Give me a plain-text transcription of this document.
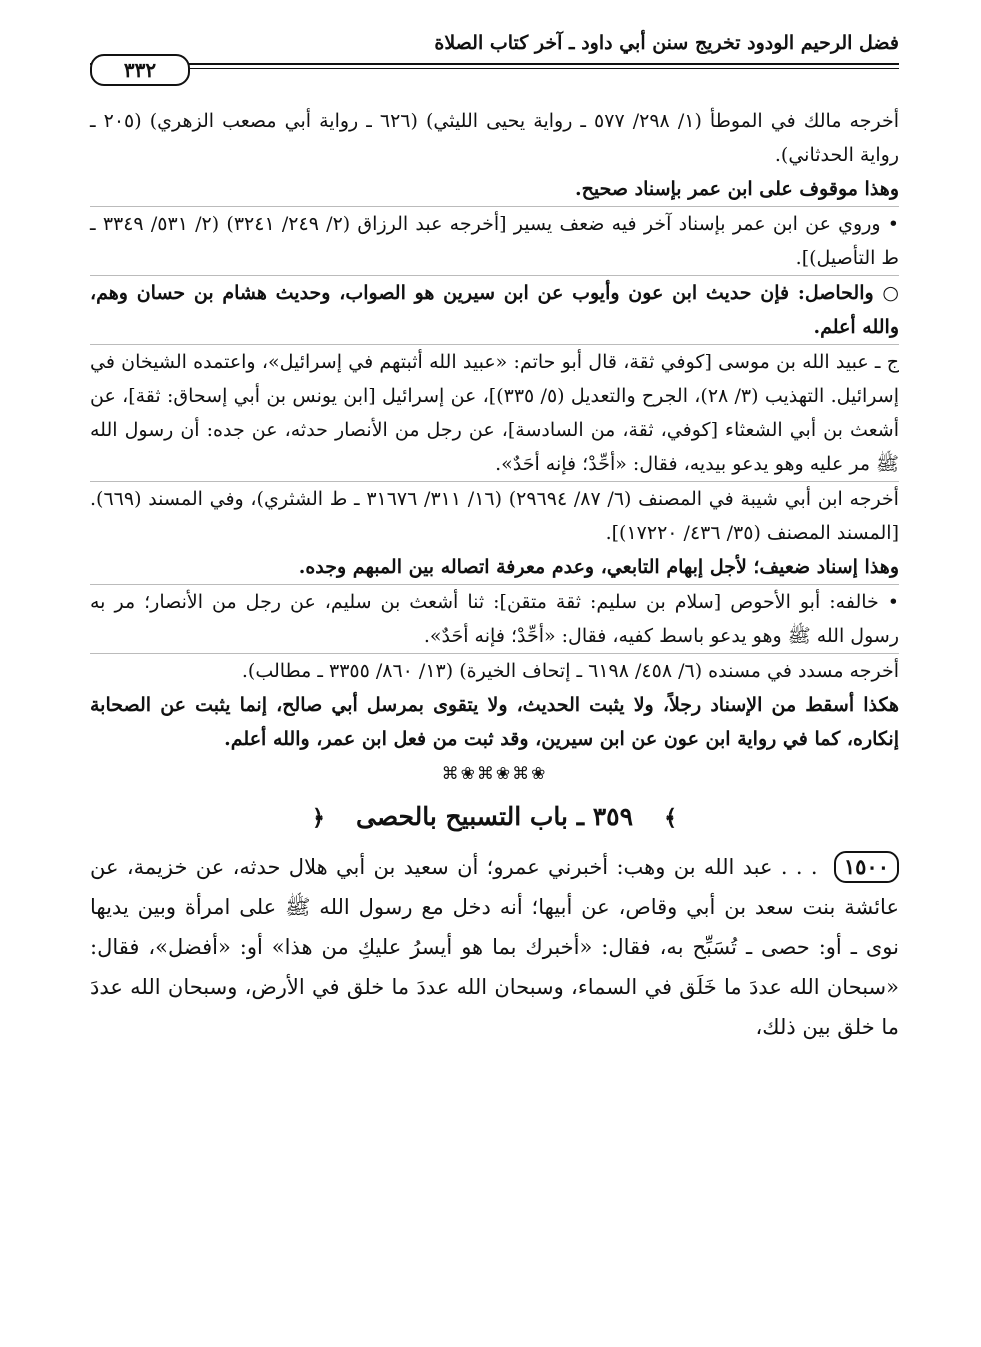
فضل الرحيم الودود تخريج سنن أبي داود ـ آخر كتاب الصلاة
٣٣٢

أخرجه مالك في الموطأ (١/ ٢٩٨/ ٥٧٧ ـ رواية يحيى الليثي) (٦٢٦ ـ رواية أبي مصعب الزهري) (٢٠٥ ـ رواية الحدثاني).

وهذا موقوف على ابن عمر بإسناد صحيح.

• وروي عن ابن عمر بإسناد آخر فيه ضعف يسير [أخرجه عبد الرزاق (٢/ ٢٤٩/ ٣٢٤١) (٢/ ٥٣١/ ٣٣٤٩ ـ ط التأصيل)].

○ والحاصل: فإن حديث ابن عون وأيوب عن ابن سيرين هو الصواب، وحديث هشام بن حسان وهم، والله أعلم.

ج ـ عبيد الله بن موسى [كوفي ثقة، قال أبو حاتم: «عبيد الله أثبتهم في إسرائيل»، واعتمده الشيخان في إسرائيل. التهذيب (٣/ ٢٨)، الجرح والتعديل (٥/ ٣٣٥)]، عن إسرائيل [ابن يونس بن أبي إسحاق: ثقة]، عن أشعث بن أبي الشعثاء [كوفي، ثقة، من السادسة]، عن رجل من الأنصار حدثه، عن جده: أن رسول الله ﷺ مر عليه وهو يدعو بيديه، فقال: «أحِّدْ؛ فإنه أحَدٌ».

أخرجه ابن أبي شيبة في المصنف (٦/ ٨٧/ ٢٩٦٩٤) (١٦/ ٣١١/ ٣١٦٧٦ ـ ط الشثري)، وفي المسند (٦٦٩). [المسند المصنف (٣٥/ ٤٣٦/ ١٧٢٢٠)].

وهذا إسناد ضعيف؛ لأجل إبهام التابعي، وعدم معرفة اتصاله بين المبهم وجده.

• خالفه: أبو الأحوص [سلام بن سليم: ثقة متقن]: ثنا أشعث بن سليم، عن رجل من الأنصار؛ مر به رسول الله ﷺ وهو يدعو باسط كفيه، فقال: «أحِّدْ؛ فإنه أحَدٌ».

أخرجه مسدد في مسنده (٦/ ٤٥٨/ ٦١٩٨ ـ إتحاف الخيرة) (١٣/ ٨٦٠/ ٣٣٥٥ ـ مطالب).

هكذا أسقط من الإسناد رجلاً، ولا يثبت الحديث، ولا يتقوى بمرسل أبي صالح، إنما يثبت عن الصحابة إنكاره، كما في رواية ابن عون عن ابن سيرين، وقد ثبت من فعل ابن عمر، والله أعلم.

❀⌘❀⌘❀⌘
﴾ ٣٥٩ ـ باب التسبيح بالحصى ﴿

١٥٠٠ . . . عبد الله بن وهب: أخبرني عمرو؛ أن سعيد بن أبي هلال حدثه، عن خزيمة، عن عائشة بنت سعد بن أبي وقاص، عن أبيها؛ أنه دخل مع رسول الله ﷺ على امرأة وبين يديها نوى ـ أو: حصى ـ تُسَبِّح به، فقال: «أخبرك بما هو أيسرُ عليكِ من هذا» أو: «أفضل»، فقال: «سبحان الله عددَ ما خَلَق في السماء، وسبحان الله عددَ ما خلق في الأرض، وسبحان الله عددَ ما خلق بين ذلك،
